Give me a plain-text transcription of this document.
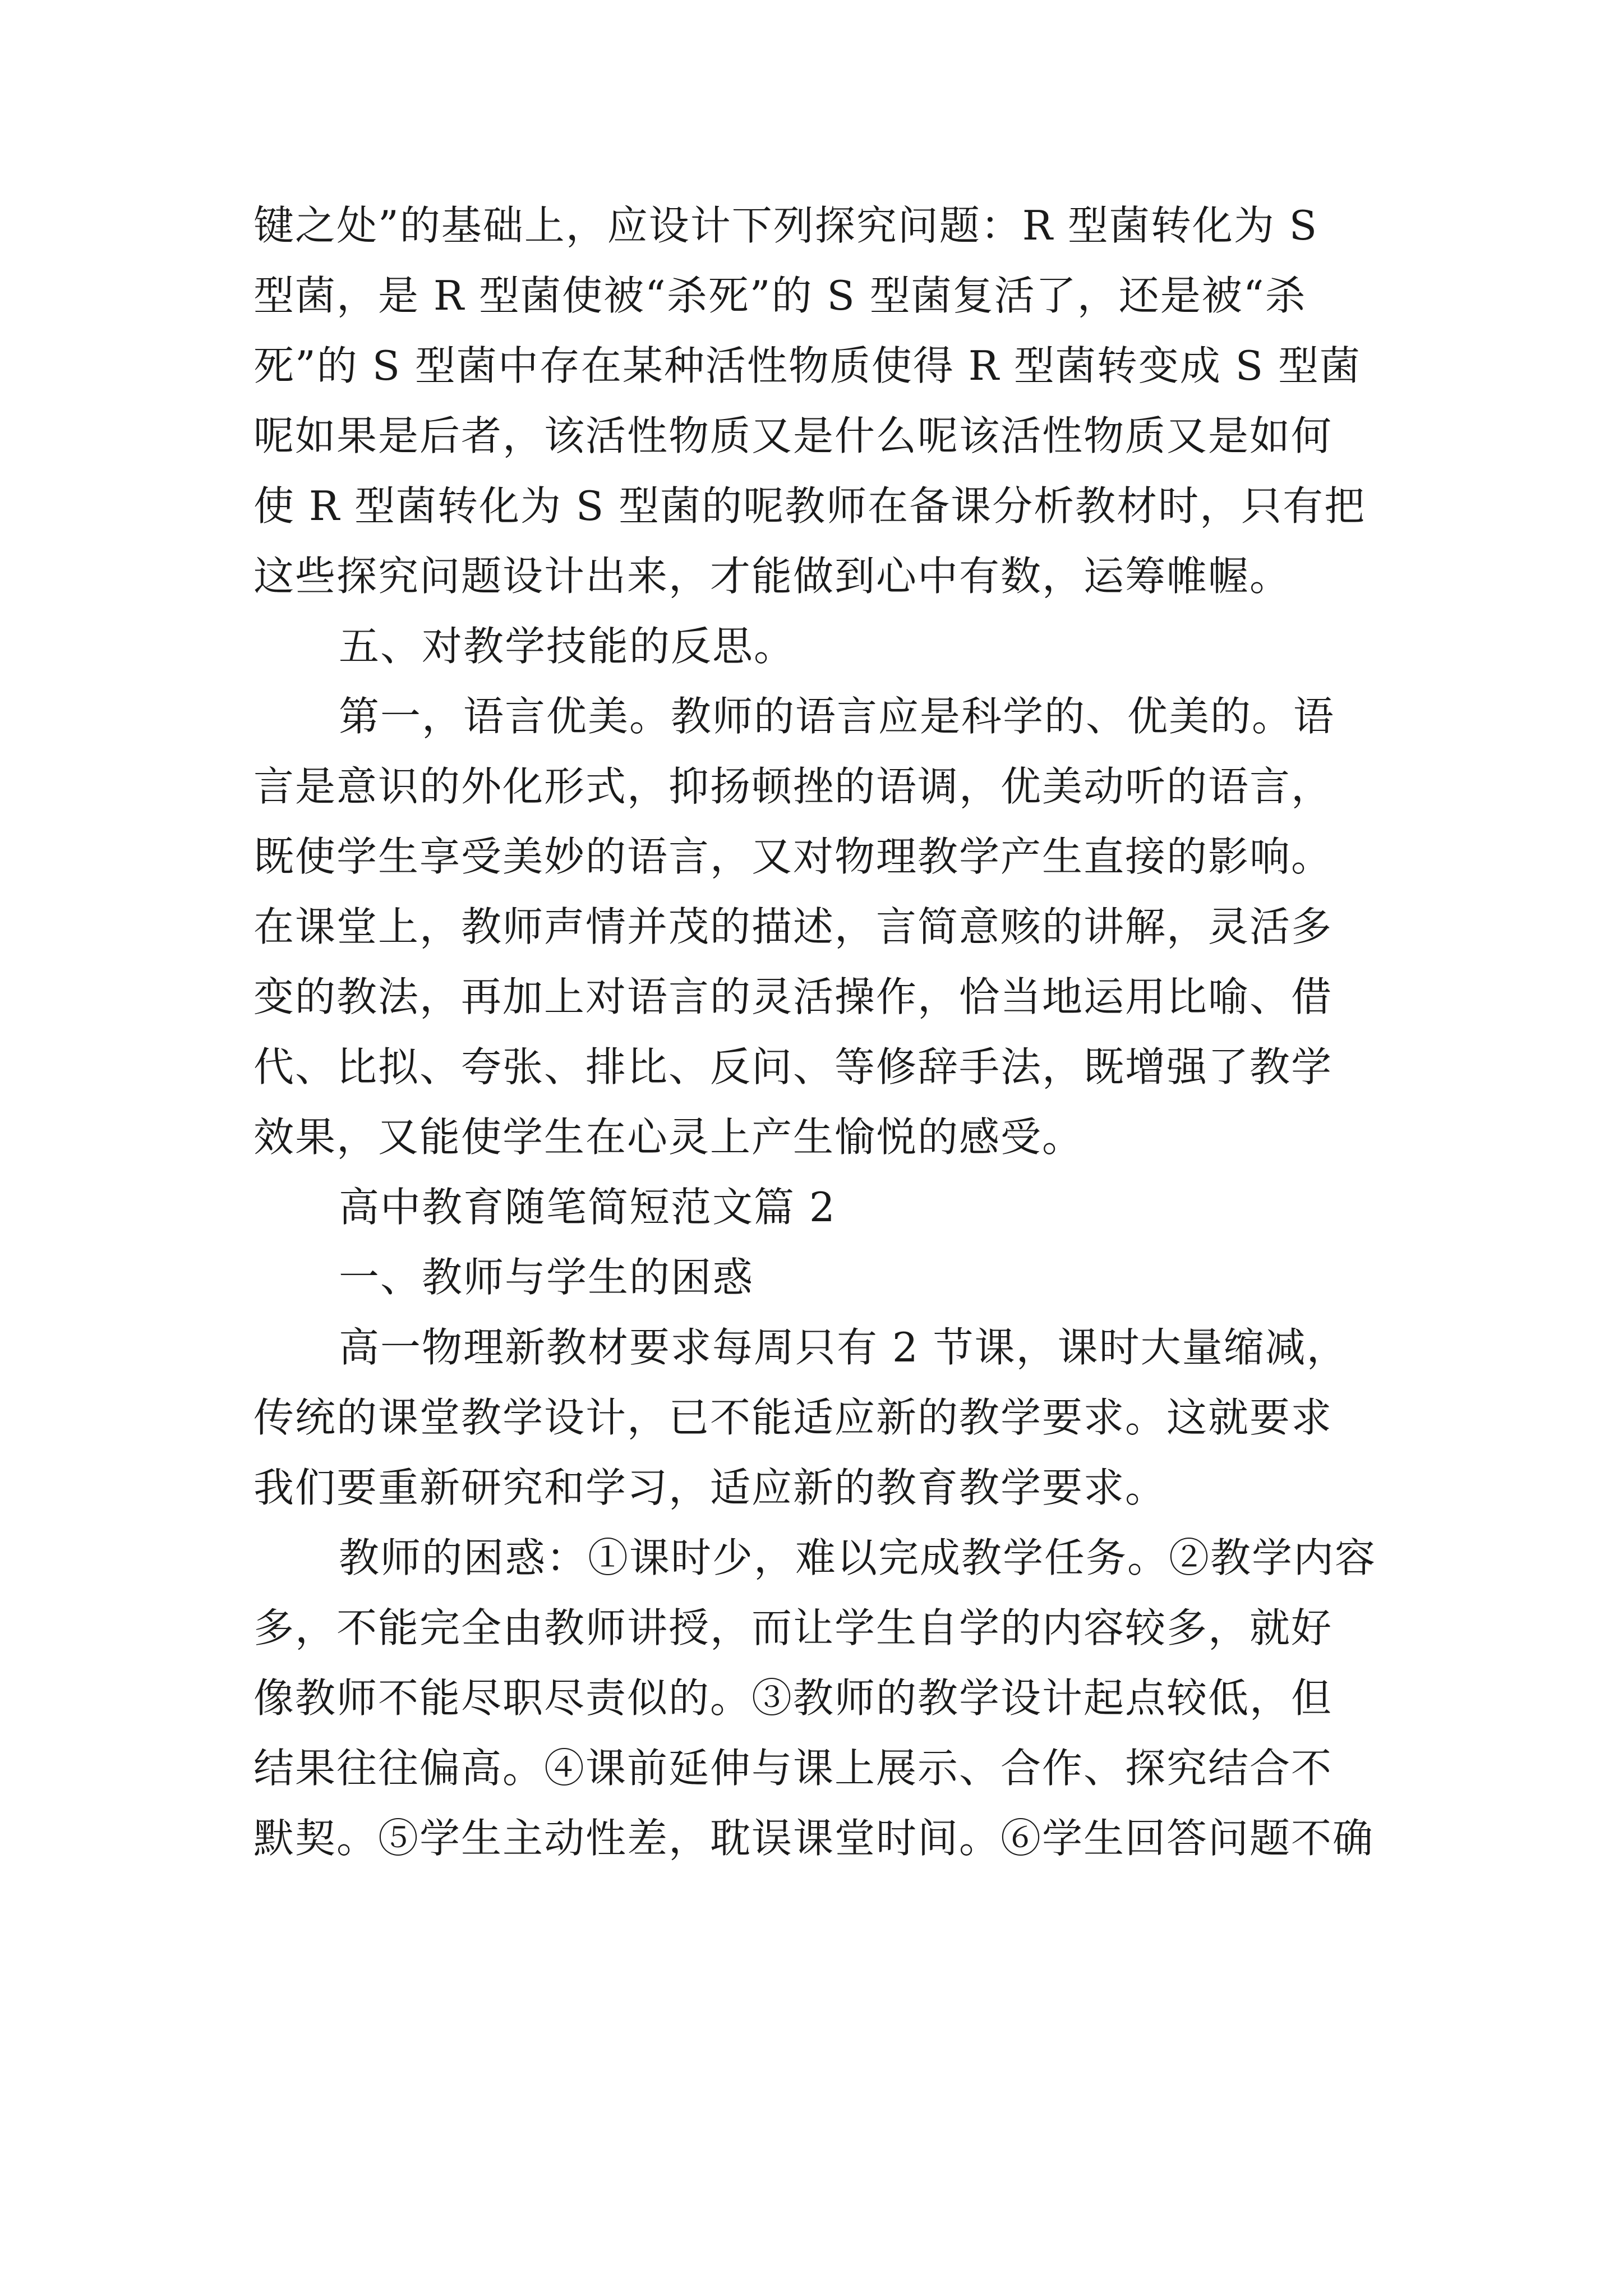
键之处”的基础上，应设计下列探究问题：R 型菌转化为 S
型菌，是 R 型菌使被“杀死”的 S 型菌复活了，还是被“杀
死”的 S 型菌中存在某种活性物质使得 R 型菌转变成 S 型菌
呢如果是后者，该活性物质又是什么呢该活性物质又是如何
使 R 型菌转化为 S 型菌的呢教师在备课分析教材时，只有把
这些探究问题设计出来，才能做到心中有数，运筹帷幄。
五、对教学技能的反思。
第一，语言优美。教师的语言应是科学的、优美的。语
言是意识的外化形式，抑扬顿挫的语调，优美动听的语言，
既使学生享受美妙的语言，又对物理教学产生直接的影响。
在课堂上，教师声情并茂的描述，言简意赅的讲解，灵活多
变的教法，再加上对语言的灵活操作，恰当地运用比喻、借
代、比拟、夸张、排比、反问、等修辞手法，既增强了教学
效果，又能使学生在心灵上产生愉悦的感受。
高中教育随笔简短范文篇 2
一、教师与学生的困惑
高一物理新教材要求每周只有 2 节课，课时大量缩减，
传统的课堂教学设计，已不能适应新的教学要求。这就要求
我们要重新研究和学习，适应新的教育教学要求。
教师的困惑：①课时少，难以完成教学任务。②教学内容
多，不能完全由教师讲授，而让学生自学的内容较多，就好
像教师不能尽职尽责似的。③教师的教学设计起点较低，但
结果往往偏高。④课前延伸与课上展示、合作、探究结合不
默契。⑤学生主动性差，耽误课堂时间。⑥学生回答问题不确
